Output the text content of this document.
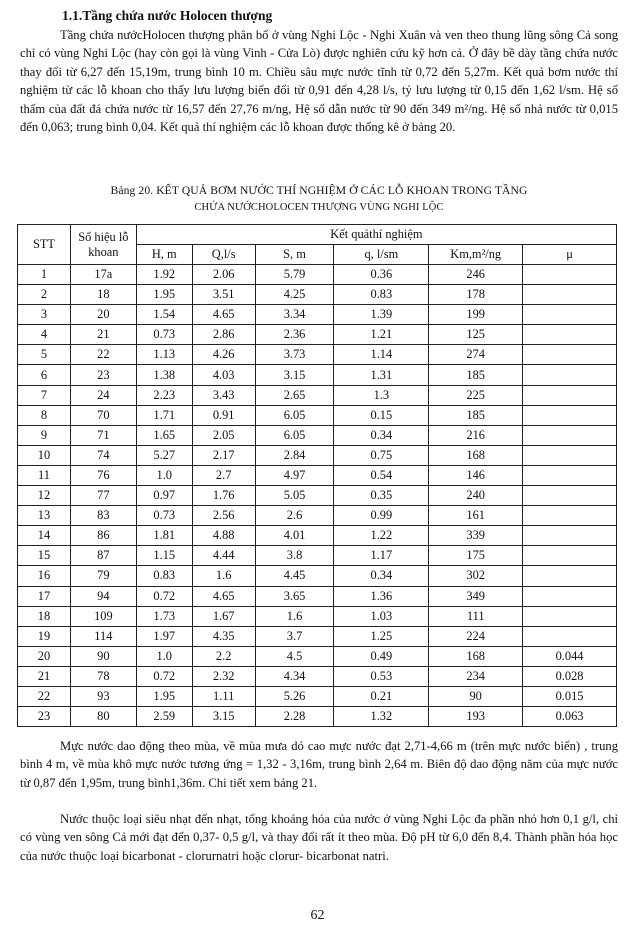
1.1.Tầng chứa nước Holocen thượng

Tầng chứa nướcHolocen thượng phân bố ở vùng Nghi Lộc - Nghi Xuân và ven theo thung lũng sông Cả song chỉ có vùng Nghi Lộc (hay còn gọi là vùng Vinh - Cửa Lò) được nghiên cứu kỹ hơn cả. Ở đây bề dày tầng chứa nước thay đổi từ 6,27 đến 15,19m, trung bình 10 m. Chiều sâu mực nước tĩnh từ 0,72 đến 5,27m. Kết quả bơm nước thí nghiệm từ các lỗ khoan cho thấy lưu lượng biến đổi từ 0,91 đến 4,28 l/s, tỷ lưu lượng từ 0,15 đến 1,62 l/sm. Hệ số thấm của đất đá chứa nước từ 16,57 đến 27,76 m/ng, Hệ số dẫn nước từ 90 đến 349 m²/ng. Hệ số nhả nước từ 0,015 đến 0,063; trung bình 0,04. Kết quả thí nghiệm các lỗ khoan được thống kê ở bảng 20.

Bảng 20. KẾT QUẢ BƠM NƯỚC THÍ NGHIỆM Ở CÁC LỖ KHOAN TRONG TẦNG
CHỨA NƯỚCHOLOCEN THƯỢNG VÙNG NGHI LỘC
STT	Số hiệu lỗ khoan	Kết quảthí nghiệm					
		H, m	Q,l/s	S, m	q, l/sm	Km,m²/ng	μ
1	17a	1.92	2.06	5.79	0.36	246	
2	18	1.95	3.51	4.25	0.83	178	
3	20	1.54	4.65	3.34	1.39	199	
4	21	0.73	2.86	2.36	1.21	125	
5	22	1.13	4.26	3.73	1.14	274	
6	23	1.38	4.03	3.15	1.31	185	
7	24	2.23	3.43	2.65	1.3	225	
8	70	1.71	0.91	6.05	0.15	185	
9	71	1.65	2.05	6.05	0.34	216	
10	74	5.27	2.17	2.84	0.75	168	
11	76	1.0	2.7	4.97	0.54	146	
12	77	0.97	1.76	5.05	0.35	240	
13	83	0.73	2.56	2.6	0.99	161	
14	86	1.81	4.88	4.01	1.22	339	
15	87	1.15	4.44	3.8	1.17	175	
16	79	0.83	1.6	4.45	0.34	302	
17	94	0.72	4.65	3.65	1.36	349	
18	109	1.73	1.67	1.6	1.03	111	
19	114	1.97	4.35	3.7	1.25	224	
20	90	1.0	2.2	4.5	0.49	168	0.044
21	78	0.72	2.32	4.34	0.53	234	0.028
22	93	1.95	1.11	5.26	0.21	90	0.015
23	80	2.59	3.15	2.28	1.32	193	0.063

Mực nước dao động theo mùa, về mùa mưa dó cao mực nước đạt 2,71-4,66 m (trên mực nước biển) , trung bình 4 m, về mùa khô mực nước tương ứng = 1,32 - 3,16m, trung bình 2,64 m. Biên độ dao động năm của mực nước từ 0,87 đến 1,95m, trung bình1,36m. Chi tiết xem bảng 21.

Nước thuộc loại siêu nhạt đến nhạt, tổng khoáng hóa của nước ở vùng Nghi Lộc đa phần nhỏ hơn 0,1 g/l, chỉ có vùng ven sông Cả mới đạt đến 0,37- 0,5 g/l, và thay đổi rất ít theo mùa. Độ pH từ 6,0 đến 8,4. Thành phần hóa học của nước thuộc loại bicarbonat - clorurnatri hoặc clorur- bicarbonat natri.

62
